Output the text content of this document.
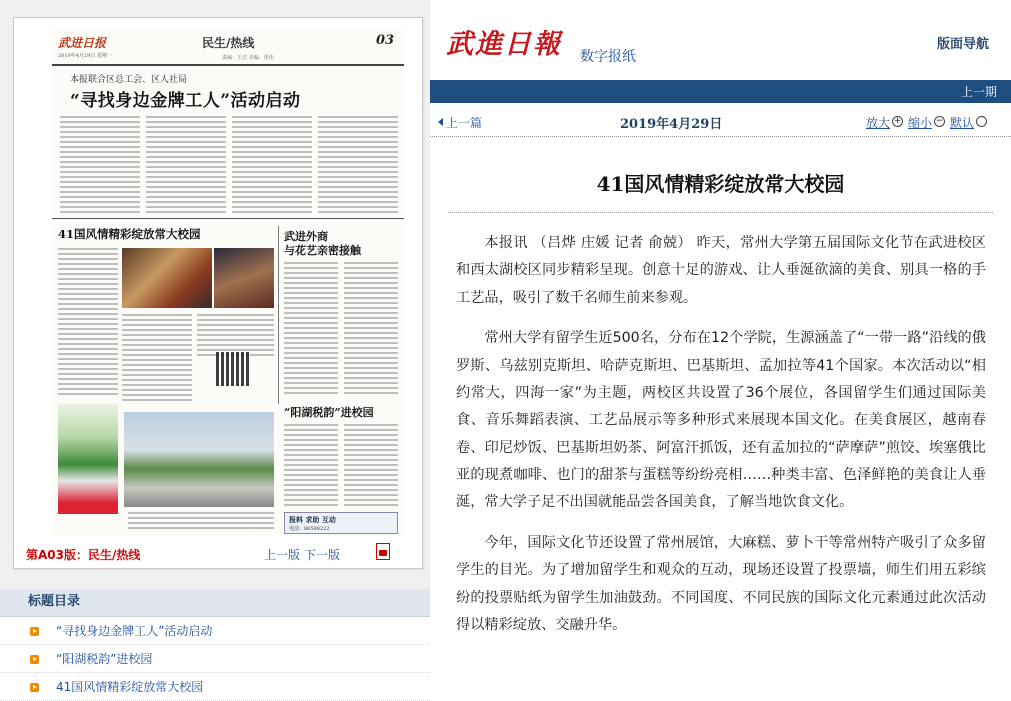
武进日报
2019年4月29日 星期一
民生/热线	03
责编：王洁 美编：张伟
本报联合区总工会、区人社局
“寻找身边金牌工人”活动启动
41国风情精彩绽放常大校园	武进外商
与花艺亲密接触
“阳湖税韵”进校园
报料 求助 互动
电话：86598222
第A03版：民生/热线	上一版 下一版
标题目录
“寻找身边金牌工人”活动启动
“阳湖税韵”进校园
41国风情精彩绽放常大校园
武進日報 数字报纸
版面导航
上一期
上一篇	2019年4月29日	放大 + 缩小 − 默认
41国风情精彩绽放常大校园

本报讯 （吕烨 庄媛 记者 俞兢） 昨天，常州大学第五届国际文化节在武进校区和西太湖校区同步精彩呈现。创意十足的游戏、让人垂涎欲滴的美食、别具一格的手工艺品，吸引了数千名师生前来参观。

常州大学有留学生近500名，分布在12个学院，生源涵盖了“一带一路”沿线的俄罗斯、乌兹别克斯坦、哈萨克斯坦、巴基斯坦、孟加拉等41个国家。本次活动以“相约常大，四海一家”为主题，两校区共设置了36个展位，各国留学生们通过国际美食、音乐舞蹈表演、工艺品展示等多种形式来展现本国文化。在美食展区，越南春卷、印尼炒饭、巴基斯坦奶茶、阿富汗抓饭，还有孟加拉的“萨摩萨”煎饺、埃塞俄比亚的现煮咖啡、也门的甜茶与蛋糕等纷纷亮相……种类丰富、色泽鲜艳的美食让人垂涎，常大学子足不出国就能品尝各国美食，了解当地饮食文化。

今年，国际文化节还设置了常州展馆，大麻糕、萝卜干等常州特产吸引了众多留学生的目光。为了增加留学生和观众的互动，现场还设置了投票墙，师生们用五彩缤纷的投票贴纸为留学生加油鼓劲。不同国度、不同民族的国际文化元素通过此次活动得以精彩绽放、交融升华。
